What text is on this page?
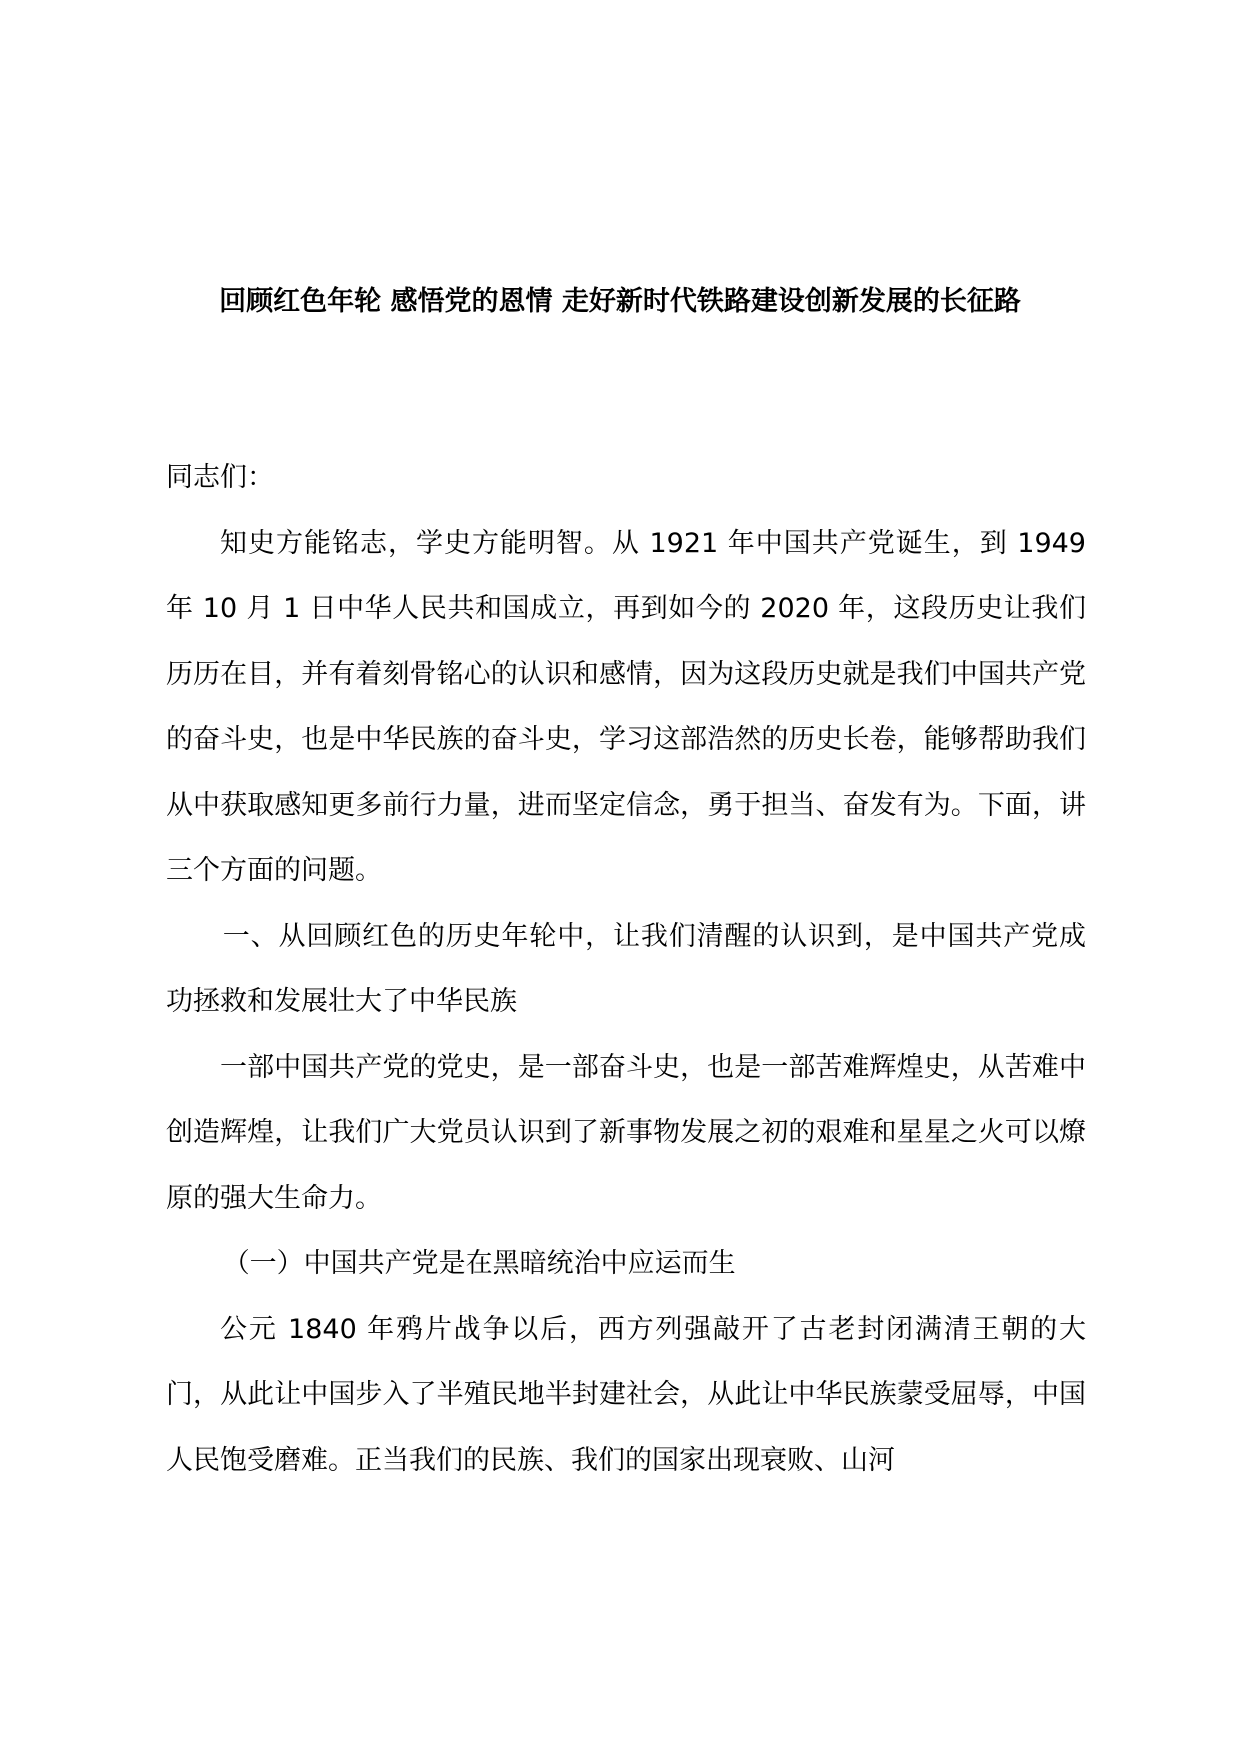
回顾红色年轮 感悟党的恩情 走好新时代铁路建设创新发展的长征路

同志们：

知史方能铭志，学史方能明智。从 1921 年中国共产党诞生，到 1949 年 10 月 1 日中华人民共和国成立，再到如今的 2020 年，这段历史让我们历历在目，并有着刻骨铭心的认识和感情，因为这段历史就是我们中国共产党的奋斗史，也是中华民族的奋斗史，学习这部浩然的历史长卷，能够帮助我们从中获取感知更多前行力量，进而坚定信念，勇于担当、奋发有为。下面，讲三个方面的问题。

一、从回顾红色的历史年轮中，让我们清醒的认识到，是中国共产党成功拯救和发展壮大了中华民族

一部中国共产党的党史，是一部奋斗史，也是一部苦难辉煌史，从苦难中创造辉煌，让我们广大党员认识到了新事物发展之初的艰难和星星之火可以燎原的强大生命力。

（一）中国共产党是在黑暗统治中应运而生

公元 1840 年鸦片战争以后，西方列强敲开了古老封闭满清王朝的大门，从此让中国步入了半殖民地半封建社会，从此让中华民族蒙受屈辱，中国人民饱受磨难。正当我们的民族、我们的国家出现衰败、山河
